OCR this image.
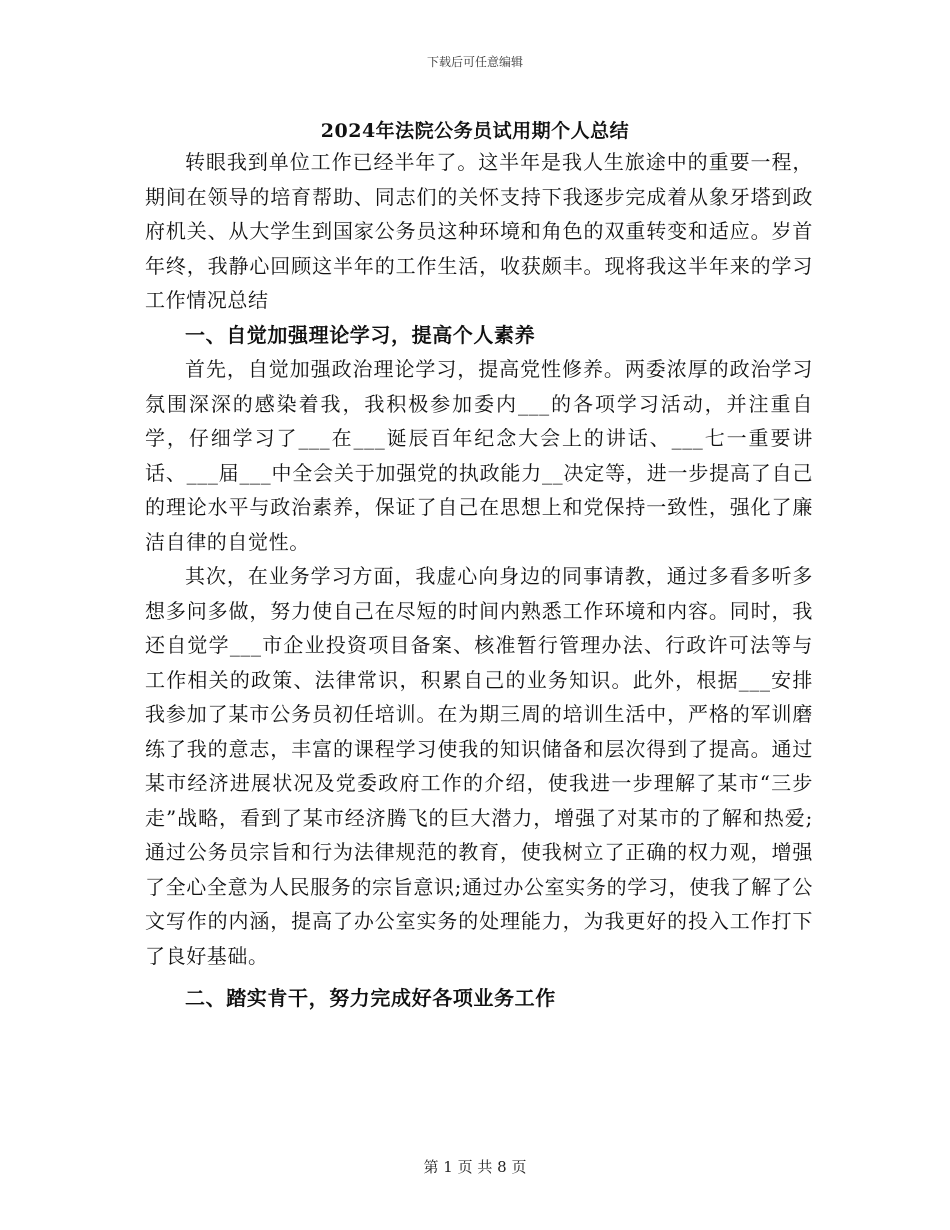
下载后可任意编辑
2024年法院公务员试用期个人总结

转眼我到单位工作已经半年了。这半年是我人生旅途中的重要一程，期间在领导的培育帮助、同志们的关怀支持下我逐步完成着从象牙塔到政府机关、从大学生到国家公务员这种环境和角色的双重转变和适应。岁首年终，我静心回顾这半年的工作生活，收获颇丰。现将我这半年来的学习工作情况总结

一、自觉加强理论学习，提高个人素养

首先，自觉加强政治理论学习，提高党性修养。两委浓厚的政治学习氛围深深的感染着我，我积极参加委内___的各项学习活动，并注重自学，仔细学习了___在___诞辰百年纪念大会上的讲话、___七一重要讲话、___届___中全会关于加强党的执政能力__决定等，进一步提高了自己的理论水平与政治素养，保证了自己在思想上和党保持一致性，强化了廉洁自律的自觉性。

其次，在业务学习方面，我虚心向身边的同事请教，通过多看多听多想多问多做，努力使自己在尽短的时间内熟悉工作环境和内容。同时，我还自觉学___市企业投资项目备案、核准暂行管理办法、行政许可法等与工作相关的政策、法律常识，积累自己的业务知识。此外，根据___安排我参加了某市公务员初任培训。在为期三周的培训生活中，严格的军训磨练了我的意志，丰富的课程学习使我的知识储备和层次得到了提高。通过某市经济进展状况及党委政府工作的介绍，使我进一步理解了某市“三步走”战略，看到了某市经济腾飞的巨大潜力，增强了对某市的了解和热爱;通过公务员宗旨和行为法律规范的教育，使我树立了正确的权力观，增强了全心全意为人民服务的宗旨意识;通过办公室实务的学习，使我了解了公文写作的内涵，提高了办公室实务的处理能力，为我更好的投入工作打下了良好基础。

二、踏实肯干，努力完成好各项业务工作

第 1 页 共 8 页
